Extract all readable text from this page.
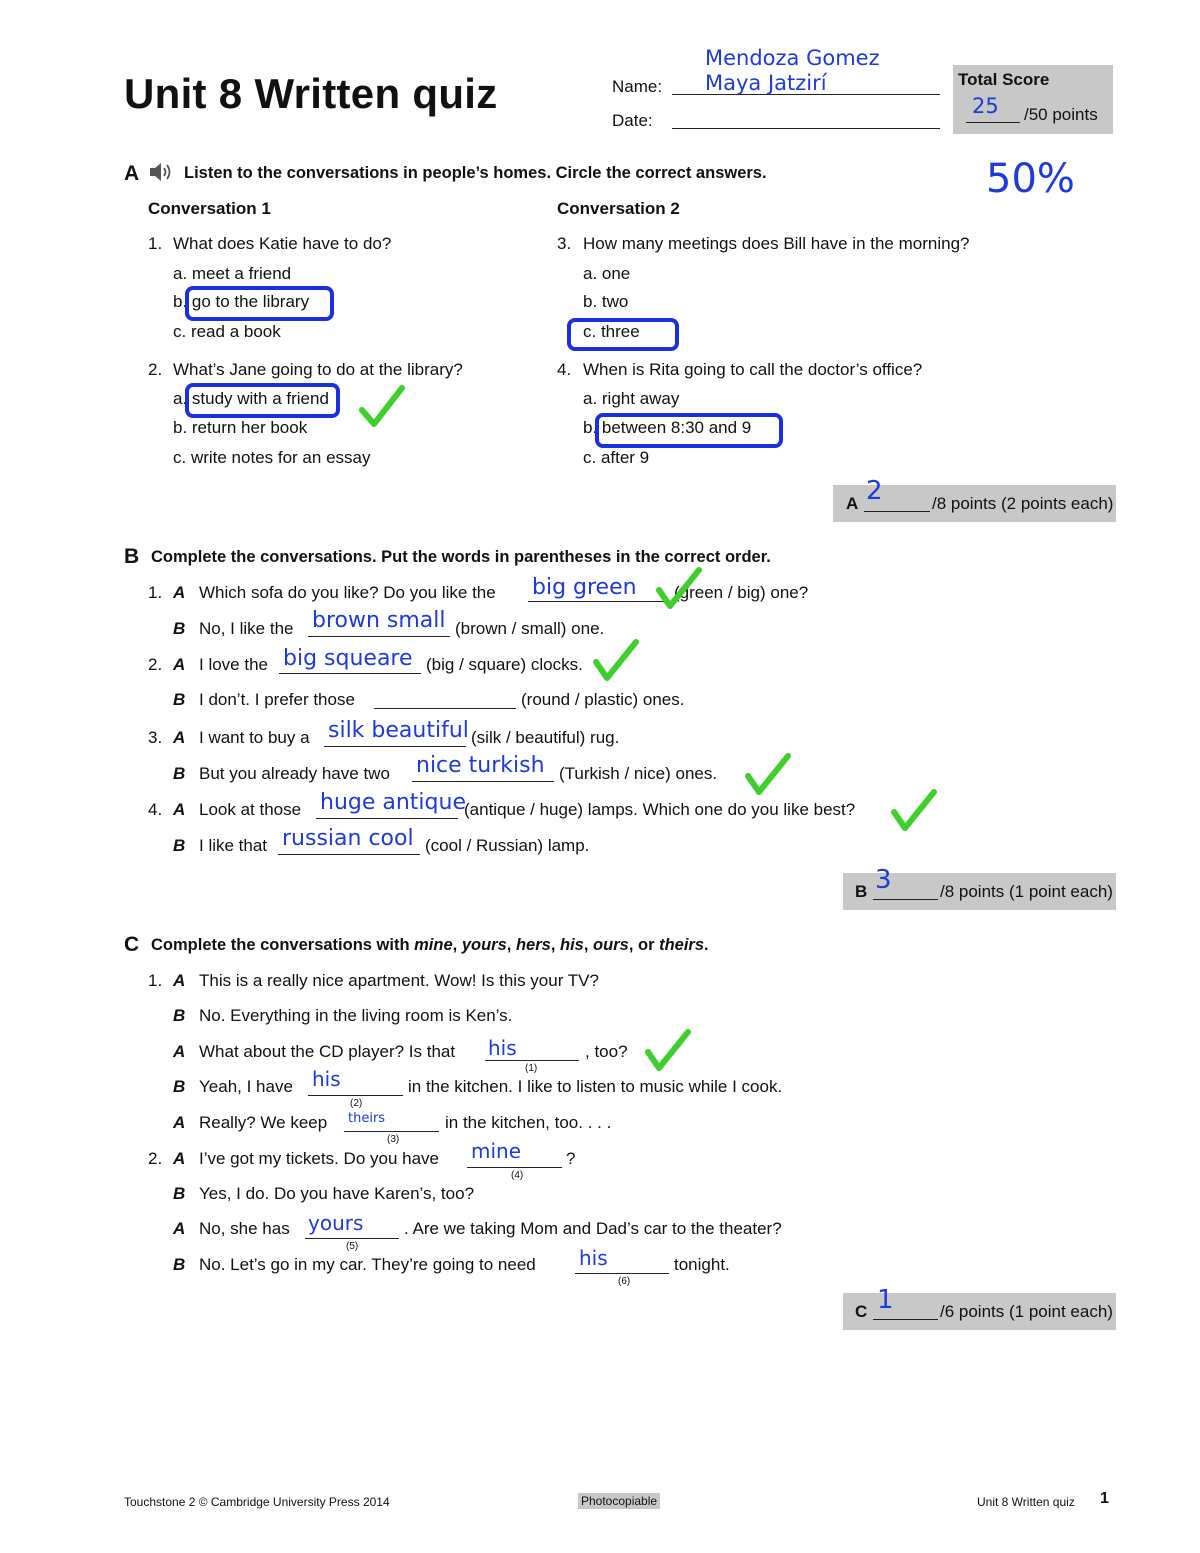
Unit 8 Written quiz	Name:
Mendoza Gomez
Maya Jatzirí
Date:
Total Score
25 /50 points
50%
A	Listen to the conversations in people’s homes. Circle the correct answers.
Conversation 1	Conversation 2
1. What does Katie have to do?
a. meet a friend
b. go to the library
c. read a book
2. What’s Jane going to do at the library?
a. study with a friend
b. return her book
c. write notes for an essay
3. How many meetings does Bill have in the morning?
a. one
b. two
c. three
4. When is Rita going to call the doctor’s office?
a. right away
b. between 8:30 and 9
c. after 9
A 2	/8 points (2 points each)
B Complete the conversations. Put the words in parentheses in the correct order.
1. A Which sofa do you like? Do you like the big green (green / big) one?
B No, I like the brown small (brown / small) one.
2. A I love the big squeare (big / square) clocks.
B I don’t. I prefer those	(round / plastic) ones.
3. A I want to buy a silk beautiful (silk / beautiful) rug.
B But you already have two nice turkish (Turkish / nice) ones.
4. A Look at those huge antique
(antique / huge) lamps. Which one do you like best?
B I like that russian cool (cool / Russian) lamp.
B 3	/8 points (1 point each)
C Complete the conversations with mine, yours, hers, his, ours, or theirs.
1. A This is a really nice apartment. Wow! Is this your TV?
B No. Everything in the living room is Ken’s.
A What about the CD player? Is that his
(1)
, too?
B Yeah, I have his
(2)
in the kitchen. I like to listen to music while I cook.
A Really? We keep theirs
(3)
in the kitchen, too. . . .
2. A I’ve got my tickets. Do you have mine
(4)
?
B Yes, I do. Do you have Karen’s, too?
A No, she has yours
(5)
. Are we taking Mom and Dad’s car to the theater?
B No. Let’s go in my car. They’re going to need his
(6)
tonight.
C 1	/6 points (1 point each)
Touchstone 2 © Cambridge University Press 2014	Photocopiable	Unit 8 Written quiz 1
